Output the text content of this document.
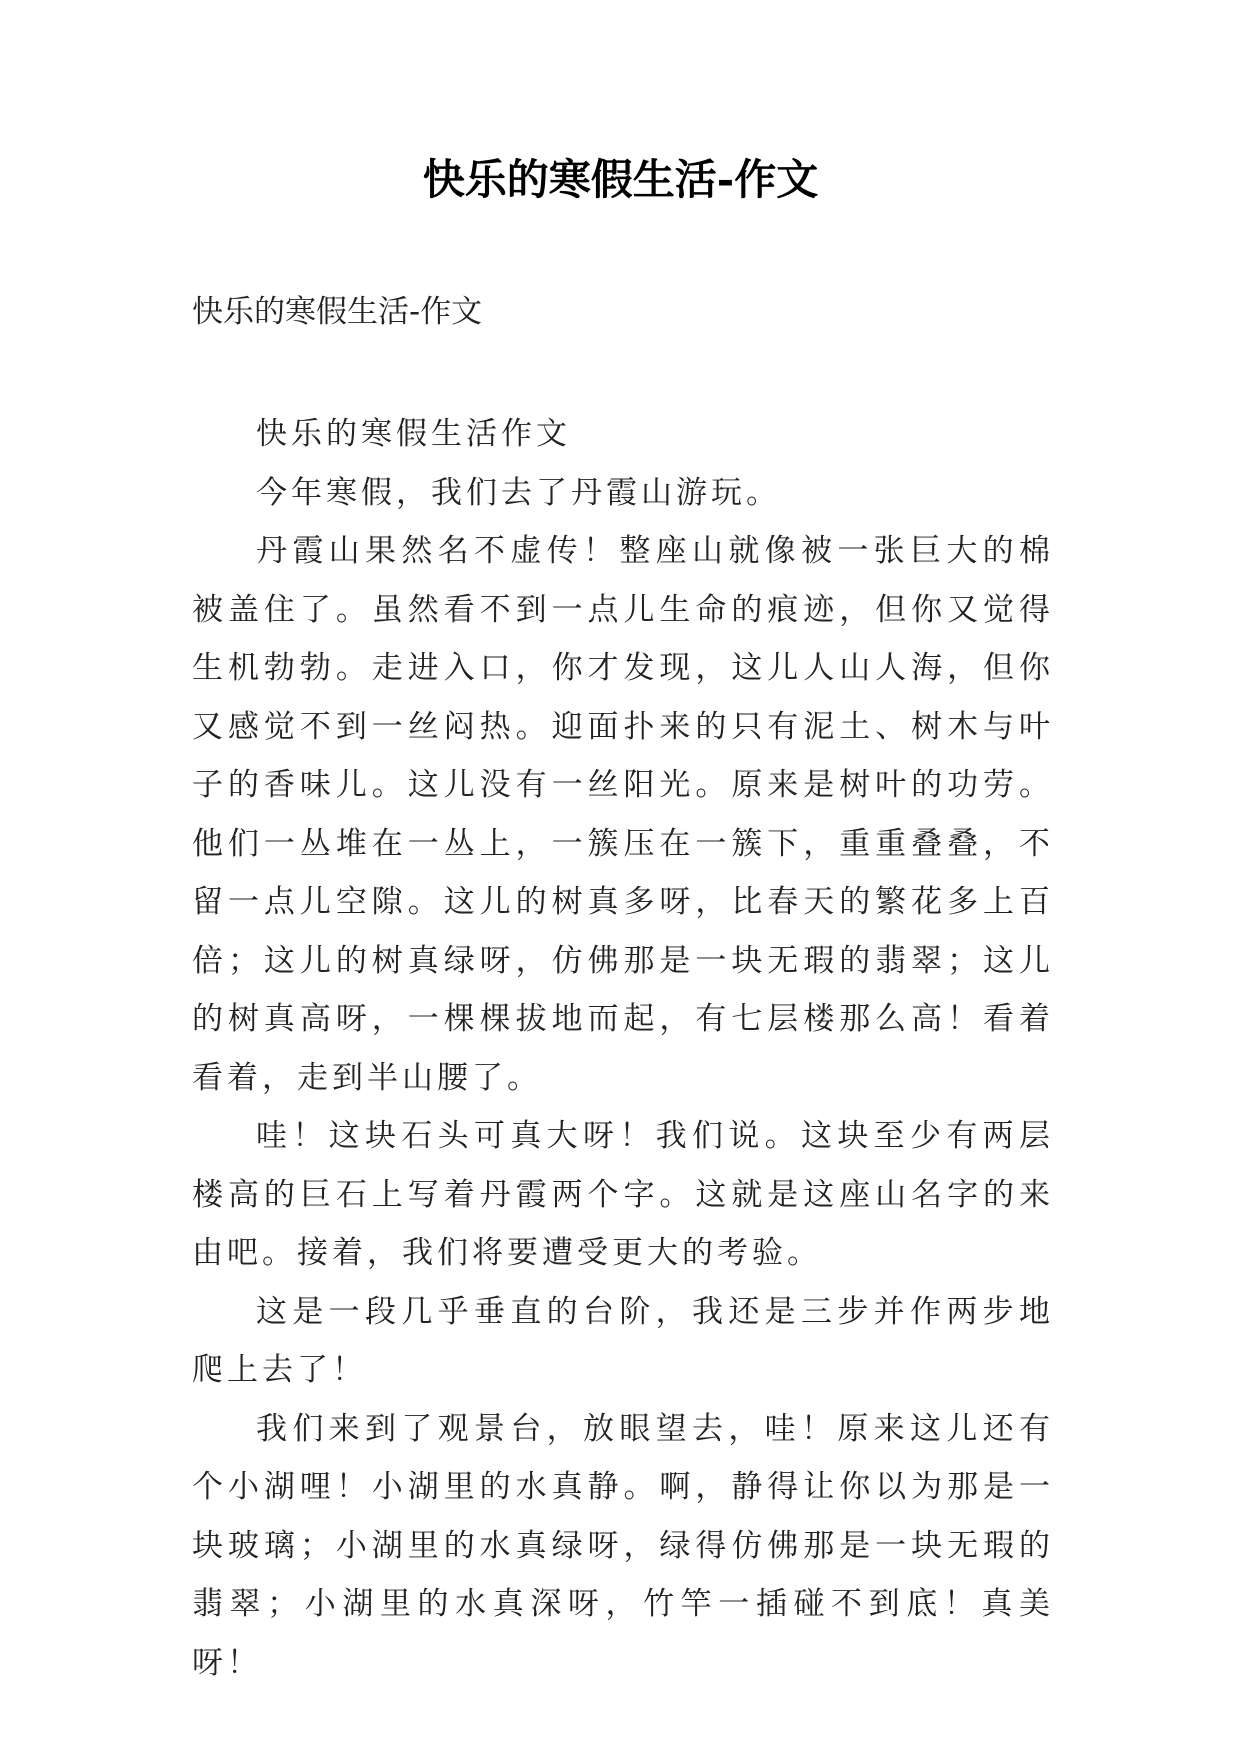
快乐的寒假生活-作文

快乐的寒假生活-作文

快乐的寒假生活作文

今年寒假，我们去了丹霞山游玩。

丹霞山果然名不虚传！整座山就像被一张巨大的棉被盖住了。虽然看不到一点儿生命的痕迹，但你又觉得生机勃勃。走进入口，你才发现，这儿人山人海，但你又感觉不到一丝闷热。迎面扑来的只有泥土、树木与叶子的香味儿。这儿没有一丝阳光。原来是树叶的功劳。他们一丛堆在一丛上，一簇压在一簇下，重重叠叠，不留一点儿空隙。这儿的树真多呀，比春天的繁花多上百倍；这儿的树真绿呀，仿佛那是一块无瑕的翡翠；这儿的树真高呀，一棵棵拔地而起，有七层楼那么高！看着看着，走到半山腰了。

哇！这块石头可真大呀！我们说。这块至少有两层楼高的巨石上写着丹霞两个字。这就是这座山名字的来由吧。接着，我们将要遭受更大的考验。

这是一段几乎垂直的台阶，我还是三步并作两步地爬上去了！

我们来到了观景台，放眼望去，哇！原来这儿还有个小湖哩！小湖里的水真静。啊，静得让你以为那是一块玻璃；小湖里的水真绿呀，绿得仿佛那是一块无瑕的翡翠；小湖里的水真深呀，竹竿一插碰不到底！真美呀！
